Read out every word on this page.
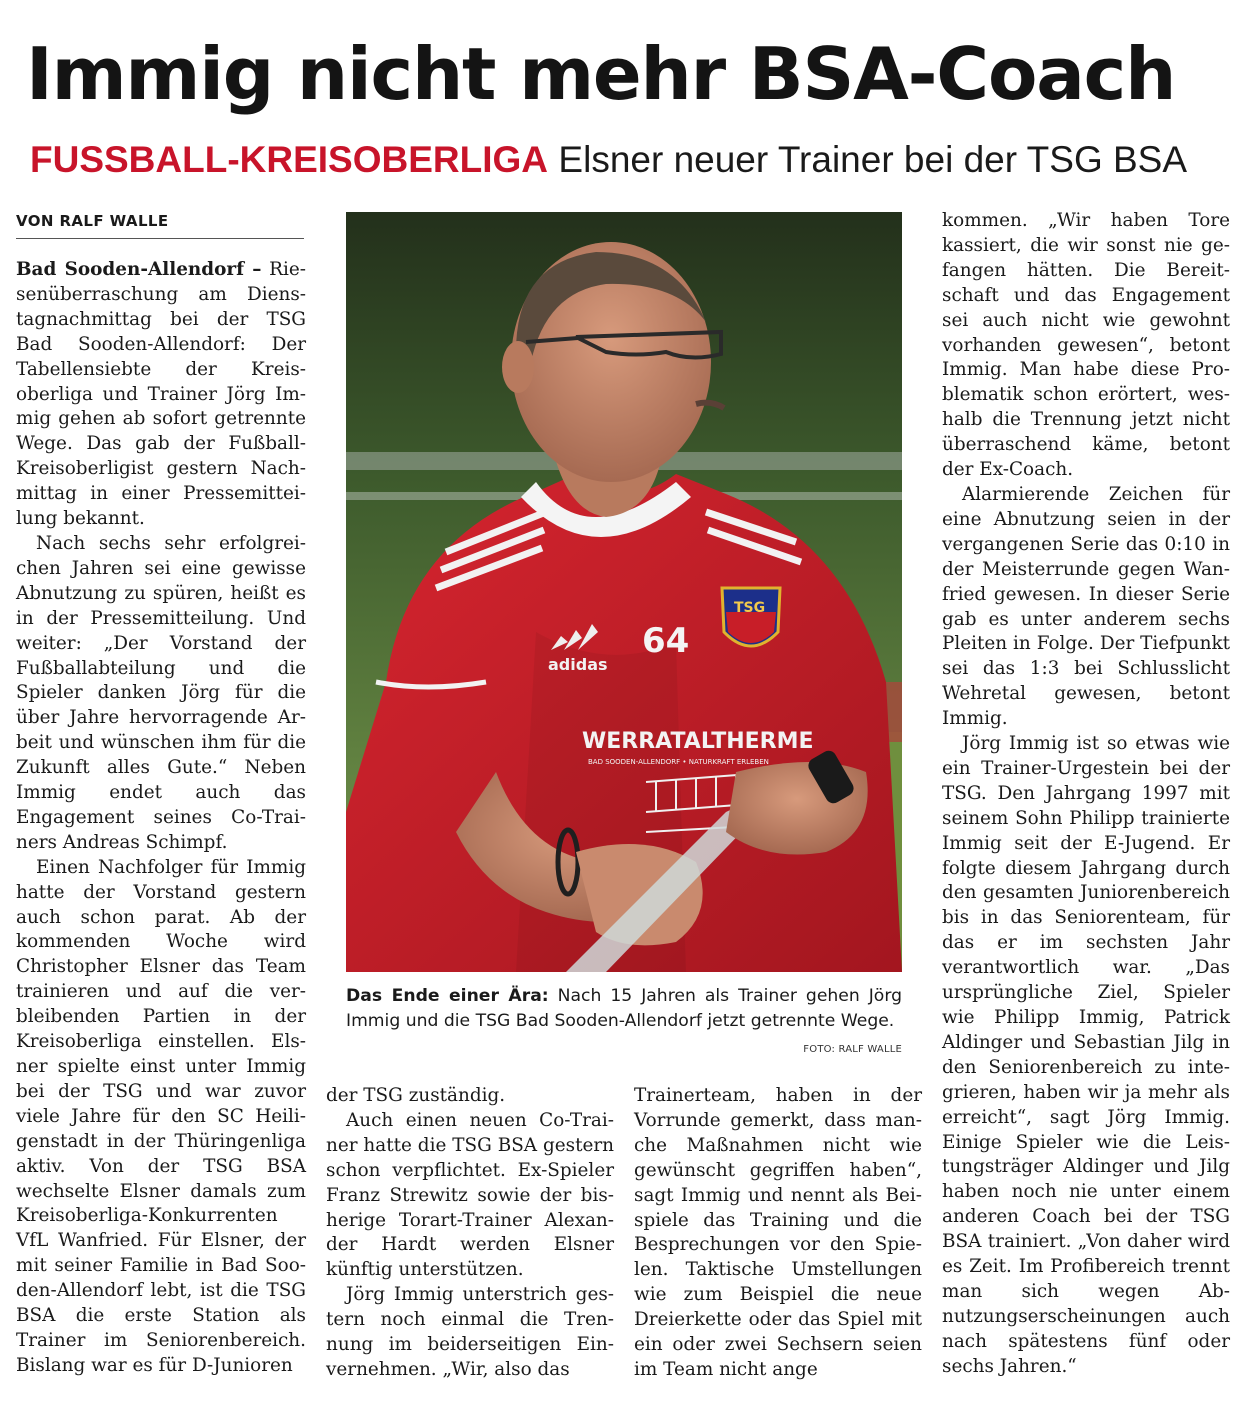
Immig nicht mehr BSA-Coach
FUSSBALL-KREISOBERLIGA Elsner neuer Trainer bei der TSG BSA
VON RALF WALLE

Bad Sooden-Allendorf – Riesenüberraschung am Dienstagnachmittag bei der TSG Bad Sooden-Allendorf: Der Tabellensiebte der Kreisoberliga und Trainer Jörg Immig gehen ab sofort getrennte Wege. Das gab der Fußball-Kreisoberligist gestern Nachmittag in einer Pressemitteilung bekannt.

Nach sechs sehr erfolgreichen Jahren sei eine gewisse Abnutzung zu spüren, heißt es in der Pressemitteilung. Und weiter: „Der Vorstand der Fußballabteilung und die Spieler danken Jörg für die über Jahre hervorragende Arbeit und wünschen ihm für die Zukunft alles Gute.“ Neben Immig endet auch das Engagement seines Co-Trainers Andreas Schimpf.

Einen Nachfolger für Immig hatte der Vorstand gestern auch schon parat. Ab der kommenden Woche wird Christopher Elsner das Team trainieren und auf die verbleibenden Partien in der Kreisoberliga einstellen. Elsner spielte einst unter Immig bei der TSG und war zuvor viele Jahre für den SC Heiligenstadt in der Thüringenliga aktiv. Von der TSG BSA wechselte Elsner damals zum Kreisoberliga-Konkurrenten VfL Wanfried. Für Elsner, der mit seiner Familie in Bad Sooden-Allendorf lebt, ist die TSG BSA die erste Station als Trainer im Seniorenbereich. Bislang war es für D-Junioren

adidas
64
TSG
WERRATALTHERME
BAD SOODEN-ALLENDORF • NATURKRAFT ERLEBEN
Das Ende einer Ära: Nach 15 Jahren als Trainer gehen Jörg Immig und die TSG Bad Sooden-Allendorf jetzt getrennte Wege.
FOTO: RALF WALLE

der TSG zuständig.

Auch einen neuen Co-Trainer hatte die TSG BSA gestern schon verpflichtet. Ex-Spieler Franz Strewitz sowie der bisherige Torart-Trainer Alexander Hardt werden Elsner künftig unterstützen.

Jörg Immig unterstrich gestern noch einmal die Trennung im beiderseitigen Einvernehmen. „Wir, also das

Trainerteam, haben in der Vorrunde gemerkt, dass manche Maßnahmen nicht wie gewünscht gegriffen haben“, sagt Immig und nennt als Beispiele das Training und die Besprechungen vor den Spielen. Taktische Umstellungen wie zum Beispiel die neue Dreierkette oder das Spiel mit ein oder zwei Sechsern seien im Team nicht ange

kommen. „Wir haben Tore kassiert, die wir sonst nie gefangen hätten. Die Bereitschaft und das Engagement sei auch nicht wie gewohnt vorhanden gewesen“, betont Immig. Man habe diese Problematik schon erörtert, weshalb die Trennung jetzt nicht überraschend käme, betont der Ex-Coach.

Alarmierende Zeichen für eine Abnutzung seien in der vergangenen Serie das 0:10 in der Meisterrunde gegen Wanfried gewesen. In dieser Serie gab es unter anderem sechs Pleiten in Folge. Der Tiefpunkt sei das 1:3 bei Schlusslicht Wehretal gewesen, betont Immig.

Jörg Immig ist so etwas wie ein Trainer-Urgestein bei der TSG. Den Jahrgang 1997 mit seinem Sohn Philipp trainierte Immig seit der E-Jugend. Er folgte diesem Jahrgang durch den gesamten Juniorenbereich bis in das Seniorenteam, für das er im sechsten Jahr verantwortlich war. „Das ursprüngliche Ziel, Spieler wie Philipp Immig, Patrick Aldinger und Sebastian Jilg in den Seniorenbereich zu integrieren, haben wir ja mehr als erreicht“, sagt Jörg Immig. Einige Spieler wie die Leistungsträger Aldinger und Jilg haben noch nie unter einem anderen Coach bei der TSG BSA trainiert. „Von daher wird es Zeit. Im Profibereich trennt man sich wegen Abnutzungserscheinungen auch nach spätestens fünf oder sechs Jahren.“
